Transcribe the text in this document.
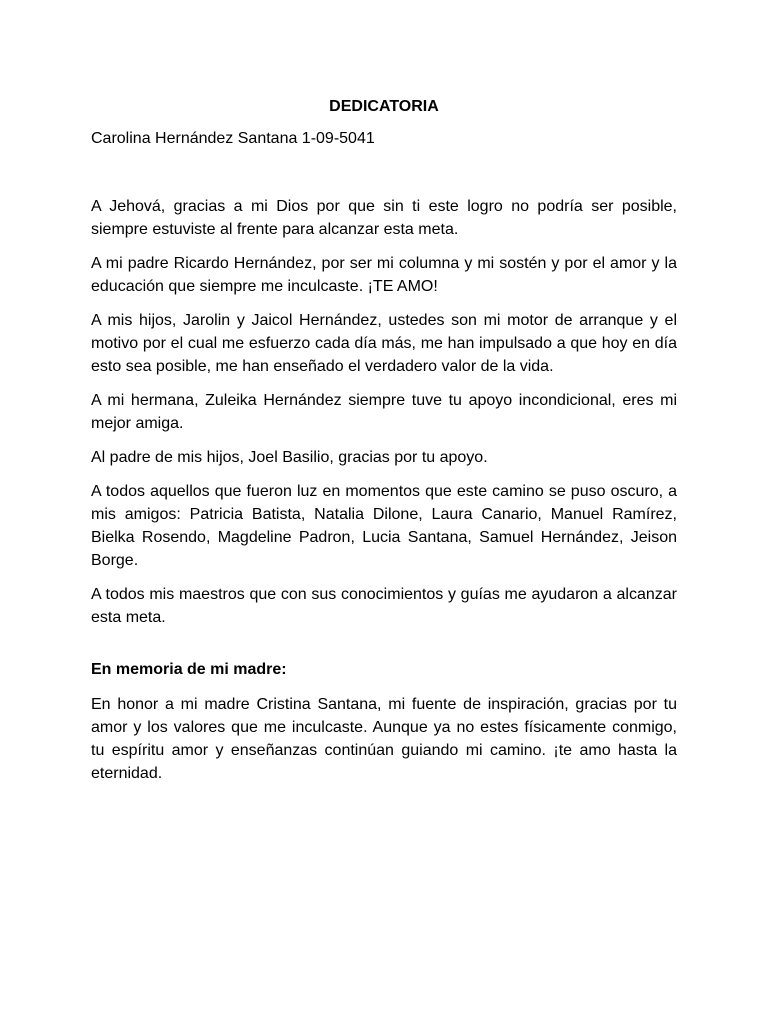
DEDICATORIA

Carolina Hernández Santana 1-09-5041

A Jehová, gracias a mi Dios por que sin ti este logro no podría ser posible, siempre estuviste al frente para alcanzar esta meta.

A mi padre Ricardo Hernández, por ser mi columna y mi sostén y por el amor y la educación que siempre me inculcaste. ¡TE AMO!

A mis hijos, Jarolin y Jaicol Hernández, ustedes son mi motor de arranque y el motivo por el cual me esfuerzo cada día más, me han impulsado a que hoy en día esto sea posible, me han enseñado el verdadero valor de la vida.

A mi hermana, Zuleika Hernández siempre tuve tu apoyo incondicional, eres mi mejor amiga.

Al padre de mis hijos, Joel Basilio, gracias por tu apoyo.

A todos aquellos que fueron luz en momentos que este camino se puso oscuro, a mis amigos: Patricia Batista, Natalia Dilone, Laura Canario, Manuel Ramírez, Bielka Rosendo, Magdeline Padron, Lucia Santana, Samuel Hernández, Jeison Borge.

A todos mis maestros que con sus conocimientos y guías me ayudaron a alcanzar esta meta.

En memoria de mi madre:

En honor a mi madre Cristina Santana, mi fuente de inspiración, gracias por tu amor y los valores que me inculcaste. Aunque ya no estes físicamente conmigo, tu espíritu amor y enseñanzas continúan guiando mi camino. ¡te amo hasta la eternidad.
